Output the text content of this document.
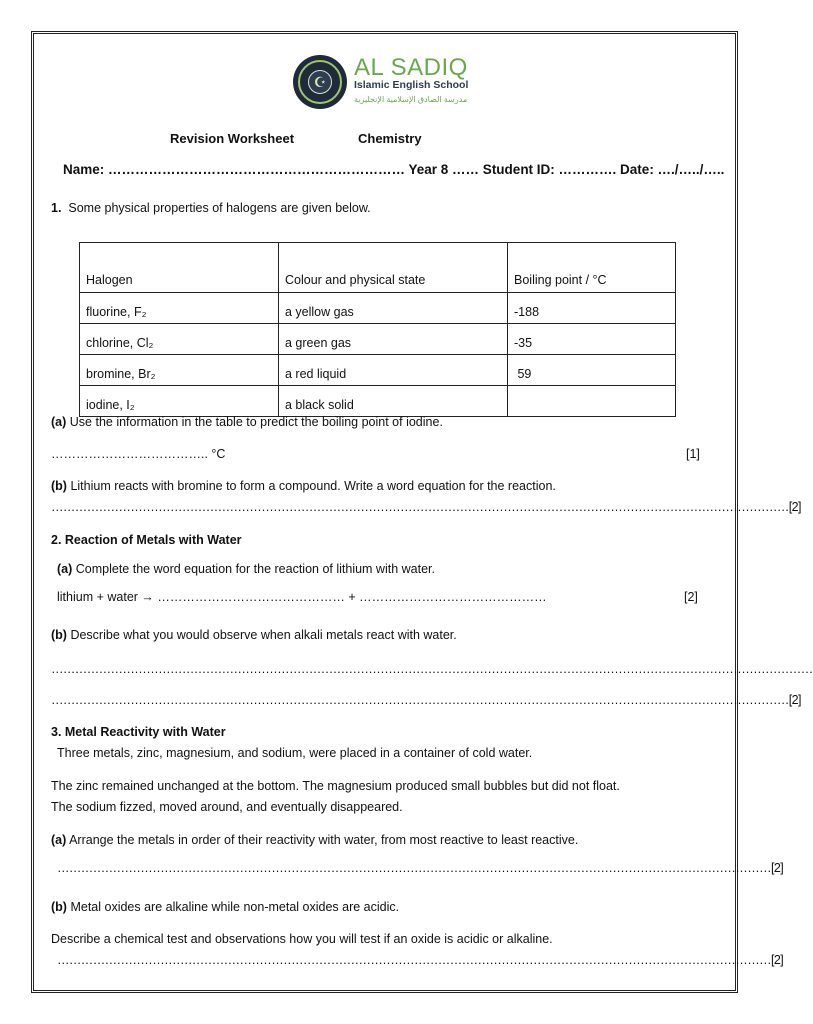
☪
AL SADIQ
Islamic English School
مدرسة الصادق الإسلامية الإنجليزية
Revision Worksheet	Chemistry
Name: ………………………………………………………… Year 8 …… Student ID: …………. Date: …./…../…..
1. Some physical properties of halogens are given below.
Halogen	Colour and physical state	Boiling point / °C
fluorine, F₂	a yellow gas	-188
chlorine, Cl₂	a green gas	-35
bromine, Br₂	a red liquid	59
iodine, I₂	a black solid	
(a) Use the information in the table to predict the boiling point of iodine.
……………………………….. °C	[1]
(b) Lithium reacts with bromine to form a compound. Write a word equation for the reaction.
……………………………………………………………………………………………………………………………………………………………………[2]
2. Reaction of Metals with Water
(a) Complete the word equation for the reaction of lithium with water.
lithium + water → ……………………………………… + ………………………………………	[2]
(b) Describe what you would observe when alkali metals react with water.
…………………………………………………………………………………………………………………………………………………………………………
……………………………………………………………………………………………………………………………………………………………………[2]
3. Metal Reactivity with Water
Three metals, zinc, magnesium, and sodium, were placed in a container of cold water.
The zinc remained unchanged at the bottom. The magnesium produced small bubbles but did not float.
The sodium fizzed, moved around, and eventually disappeared.
(a) Arrange the metals in order of their reactivity with water, from most reactive to least reactive.
………………………………………………………………………………………………………………………………………………………………[2]
(b) Metal oxides are alkaline while non-metal oxides are acidic.
Describe a chemical test and observations how you will test if an oxide is acidic or alkaline.
………………………………………………………………………………………………………………………………………………………………[2]
